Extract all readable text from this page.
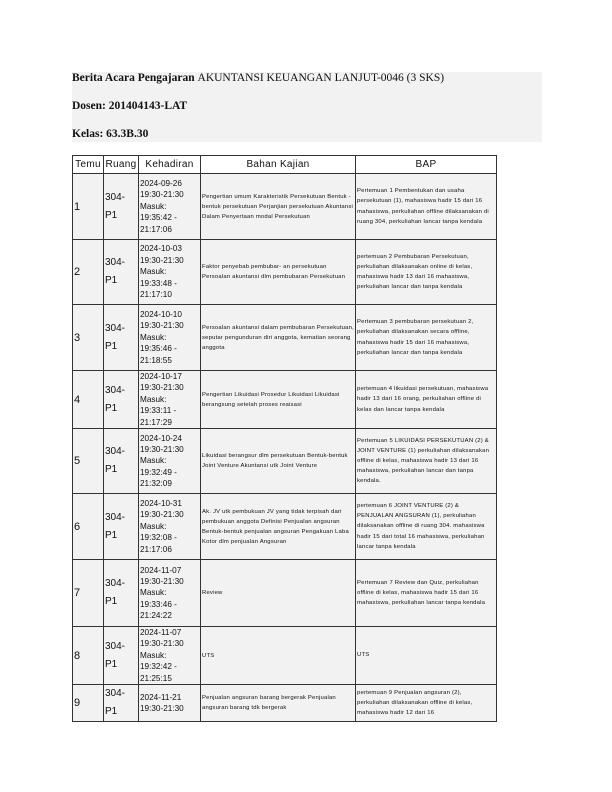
Berita Acara Pengajaran AKUNTANSI KEUANGAN LANJUT-0046 (3 SKS)
Dosen: 201404143-LAT
Kelas: 63.3B.30
Temu	Ruang	Kehadiran	Bahan Kajian	BAP
1	304-P1	2024-09-26 19:30-21:30 Masuk: 19:35:42 - 21:17:06	Pengertian umum Karakteristik Persekutuan Bentuk - bentuk persekutuan Perjanjian persekutuan Akuntansi Dalam Penyertaan modal Persekutuan	Pertemuan 1 Pembentukan dan usaha persekutuan (1), mahasiswa hadir 15 dari 16 mahasiswa, perkuliahan offline dilaksanakan di ruang 304, perkuliahan lancar tanpa kendala
2	304-P1	2024-10-03 19:30-21:30 Masuk: 19:33:48 - 21:17:10	Faktor penyebab pembubar- an persekutuan Persoalan akuntansi dlm pembubaran Persekutuan	pertemuan 2 Pembubaran Persekutuan, perkuliahan dilaksanakan online di kelas, mahasiswa hadir 13 dari 16 mahasiswa, perkuliahan lancar dan tanpa kendala
3	304-P1	2024-10-10 19:30-21:30 Masuk: 19:35:46 - 21:18:55	Persoalan akuntansi dalam pembubaran Persekutuan, seputar pengunduran diri anggota, kematian seorang anggota	Pertemuan 3 pembubaran persekutuan 2, perkuliahan dilaksanakan secara offline, mahasiswa hadir 15 dari 16 mahasiswa, perkuliahan lancar dan tanpa kendala
4	304-P1	2024-10-17 19:30-21:30 Masuk: 19:33:11 - 21:17:29	Pengertian Likuidasi Prosedur Likuidasi Likuidasi berangsung setelah proses reaisasi	pertemuan 4 likuidasi persekutuan, mahasiswa hadir 13 dari 16 orang, perkuliahan offline di kelas dan lancar tanpa kendala
5	304-P1	2024-10-24 19:30-21:30 Masuk: 19:32:49 - 21:32:09	Likuidasi berangsur dlm persekutuan Bentuk-bentuk Joint Venture Akuntansi utk Joint Venture	Pertemuan 5 LIKUIDASI PERSEKUTUAN (2) & JOINT VENTURE (1) perkuliahan dilaksanakan offline di kelas, mahasiswa hadir 13 dari 16 mahasiswa, perkuliahan lancar dan tanpa kendala.
6	304-P1	2024-10-31 19:30-21:30 Masuk: 19:32:08 - 21:17:06	Ak. JV utk pembukuan JV yang tidak terpisah dari pembukuan anggota Definisi Penjualan angsuran Bentuk-bentuk penjualan angsuran Pengakuan Laba Kotor dlm penjualan Angsuran	pertemuan 6 JOINT VENTURE (2) & PENJUALAN ANGSURAN (1), perkuliahan dilaksanakan offline di ruang 304. mahasiswa hadir 15 dari total 16 mahasiswa, perkuliahan lancar tanpa kendala
7	304-P1	2024-11-07 19:30-21:30 Masuk: 19:33:46 - 21:24:22	Review	Pertemuan 7 Review dan Quiz, perkuliahan offline di kelas, mahasiswa hadir 15 dari 16 mahasiswa, perkuliahan lancar tanpa kendala
8	304-P1	2024-11-07 19:30-21:30 Masuk: 19:32:42 - 21:25:15	UTS	UTS
9	304-P1	2024-11-21 19:30-21:30	Penjualan angsuran barang bergerak Penjualan angsuran barang tdk bergerak	pertemuan 9 Penjualan angsuran (2), perkuliahan dilaksanakan offline di kelas, mahasiswa hadir 12 dari 16
